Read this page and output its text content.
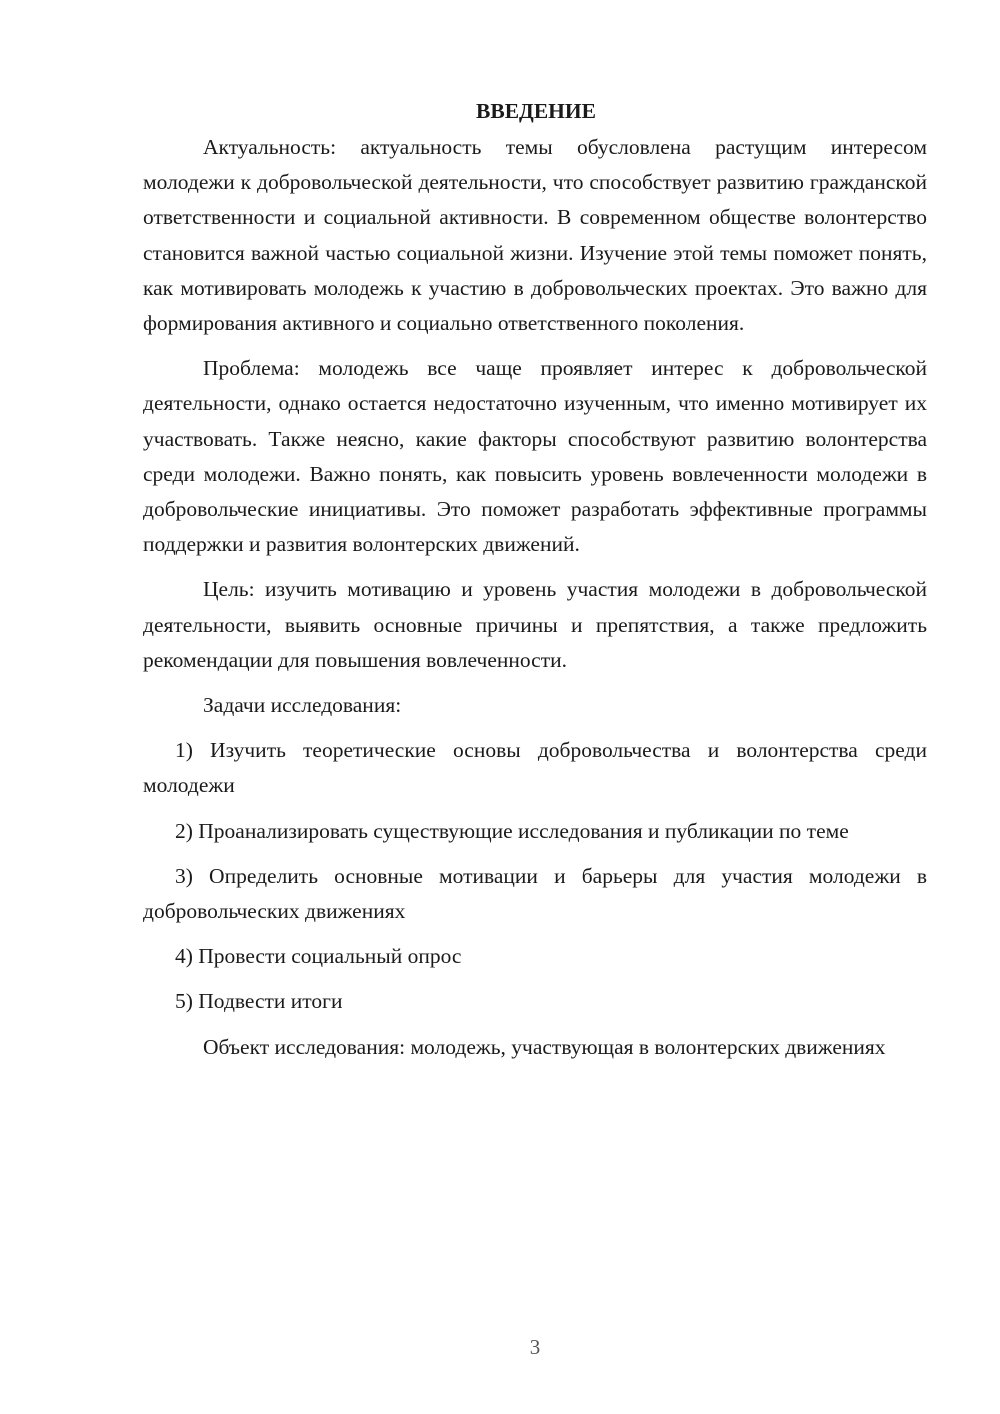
ВВЕДЕНИЕ

Актуальность: актуальность темы обусловлена растущим интересом молодежи к добровольческой деятельности, что способствует развитию гражданской ответственности и социальной активности. В современном обществе волонтерство становится важной частью социальной жизни. Изучение этой темы поможет понять, как мотивировать молодежь к участию в добровольческих проектах. Это важно для формирования активного и социально ответственного поколения.

Проблема: молодежь все чаще проявляет интерес к добровольческой деятельности, однако остается недостаточно изученным, что именно мотивирует их участвовать. Также неясно, какие факторы способствуют развитию волонтерства среди молодежи. Важно понять, как повысить уровень вовлеченности молодежи в добровольческие инициативы. Это поможет разработать эффективные программы поддержки и развития волонтерских движений.

Цель: изучить мотивацию и уровень участия молодежи в добровольческой деятельности, выявить основные причины и препятствия, а также предложить рекомендации для повышения вовлеченности.

Задачи исследования:

1) Изучить теоретические основы добровольчества и волонтерства среди молодежи

2) Проанализировать существующие исследования и публикации по теме

3) Определить основные мотивации и барьеры для участия молодежи в добровольческих движениях

4) Провести социальный опрос

5) Подвести итоги

Объект исследования: молодежь, участвующая в волонтерских движениях

3
